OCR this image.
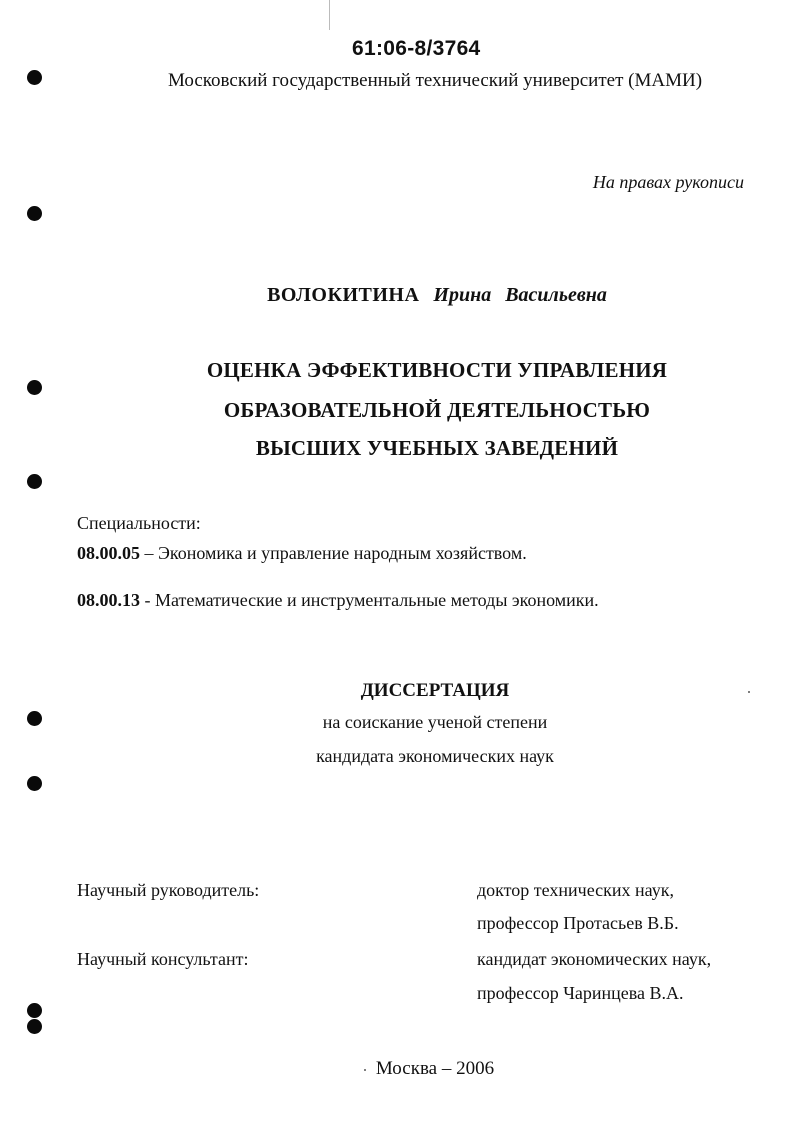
61:06-8/3764
Московский государственный технический университет (МАМИ)
На правах рукописи
ВОЛОКИТИНА Ирина Васильевна
ОЦЕНКА ЭФФЕКТИВНОСТИ УПРАВЛЕНИЯ
ОБРАЗОВАТЕЛЬНОЙ ДЕЯТЕЛЬНОСТЬЮ
ВЫСШИХ УЧЕБНЫХ ЗАВЕДЕНИЙ
Специальности:
08.00.05 – Экономика и управление народным хозяйством.
08.00.13 - Математические и инструментальные методы экономики.
ДИССЕРТАЦИЯ
на соискание ученой степени
кандидата экономических наук
Научный руководитель:	доктор технических наук,
профессор Протасьев В.Б.
Научный консультант:	кандидат экономических наук,
профессор Чаринцева В.А.
Москва – 2006
